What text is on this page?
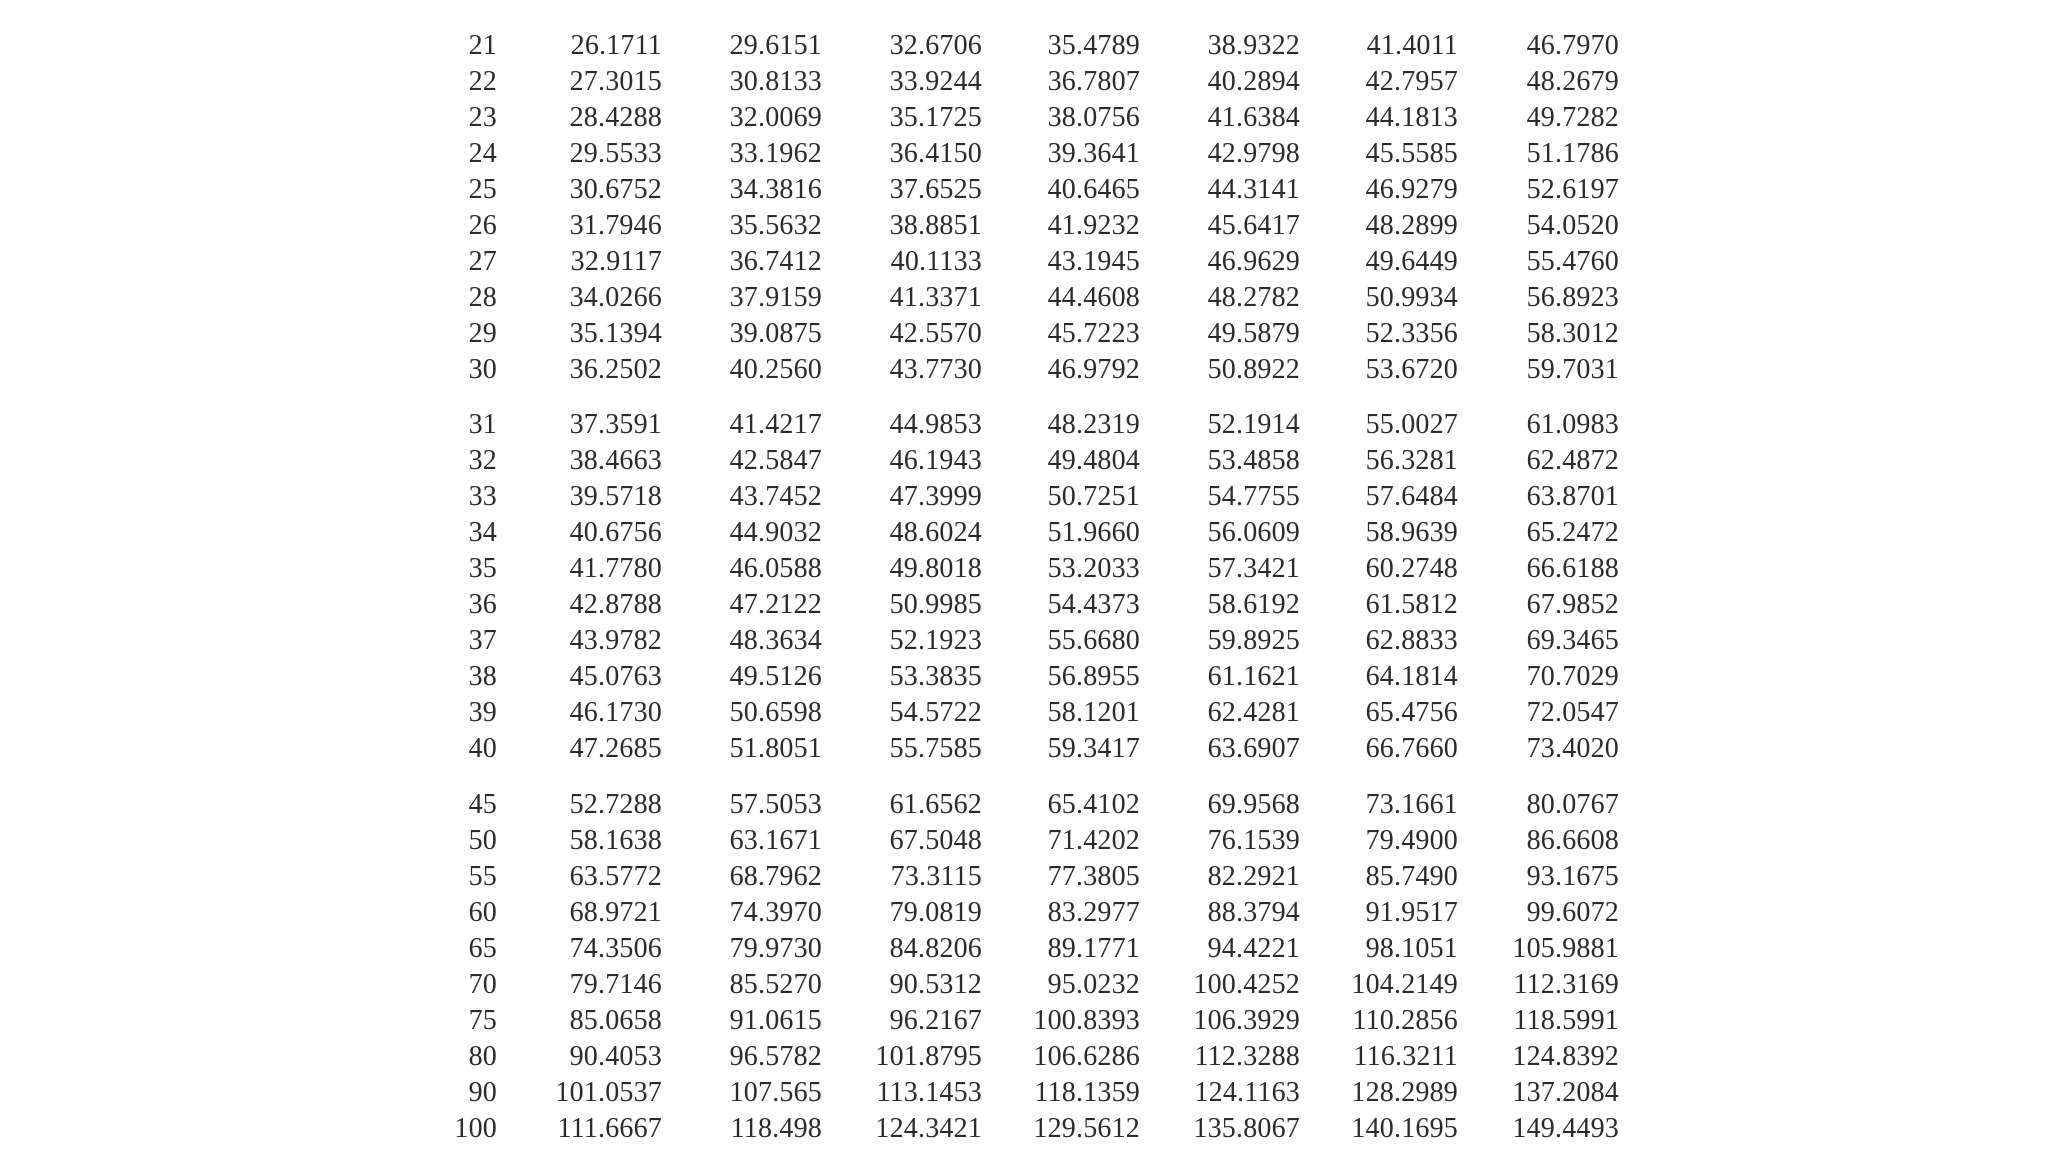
21	26.1711 29.6151 32.6706 35.4789 38.9322 41.4011 46.7970
22	27.3015 30.8133 33.9244 36.7807 40.2894 42.7957 48.2679
23	28.4288 32.0069 35.1725 38.0756 41.6384 44.1813 49.7282
24	29.5533 33.1962 36.4150 39.3641 42.9798 45.5585 51.1786
25	30.6752 34.3816 37.6525 40.6465 44.3141 46.9279 52.6197
26	31.7946 35.5632 38.8851 41.9232 45.6417 48.2899 54.0520
27	32.9117 36.7412 40.1133 43.1945 46.9629 49.6449 55.4760
28	34.0266 37.9159 41.3371 44.4608 48.2782 50.9934 56.8923
29	35.1394 39.0875 42.5570 45.7223 49.5879 52.3356 58.3012
30	36.2502 40.2560 43.7730 46.9792 50.8922 53.6720 59.7031
31	37.3591 41.4217 44.9853 48.2319 52.1914 55.0027 61.0983
32	38.4663 42.5847 46.1943 49.4804 53.4858 56.3281 62.4872
33	39.5718 43.7452 47.3999 50.7251 54.7755 57.6484 63.8701
34	40.6756 44.9032 48.6024 51.9660 56.0609 58.9639 65.2472
35	41.7780 46.0588 49.8018 53.2033 57.3421 60.2748 66.6188
36	42.8788 47.2122 50.9985 54.4373 58.6192 61.5812 67.9852
37	43.9782 48.3634 52.1923 55.6680 59.8925 62.8833 69.3465
38	45.0763 49.5126 53.3835 56.8955 61.1621 64.1814 70.7029
39	46.1730 50.6598 54.5722 58.1201 62.4281 65.4756 72.0547
40	47.2685 51.8051 55.7585 59.3417 63.6907 66.7660 73.4020
45	52.7288 57.5053 61.6562 65.4102 69.9568 73.1661 80.0767
50	58.1638 63.1671 67.5048 71.4202 76.1539 79.4900 86.6608
55	63.5772 68.7962 73.3115 77.3805 82.2921 85.7490 93.1675
60	68.9721 74.3970 79.0819 83.2977 88.3794 91.9517 99.6072
65	74.3506 79.9730 84.8206 89.1771 94.4221 98.1051 105.9881
70	79.7146 85.5270 90.5312 95.0232 100.4252 104.2149 112.3169
75	85.0658 91.0615 96.2167 100.8393 106.3929 110.2856 118.5991
80	90.4053 96.5782 101.8795 106.6286 112.3288 116.3211 124.8392
90 101.0537 107.565 113.1453 118.1359 124.1163 128.2989 137.2084
100 111.6667 118.498 124.3421 129.5612 135.8067 140.1695 149.4493
